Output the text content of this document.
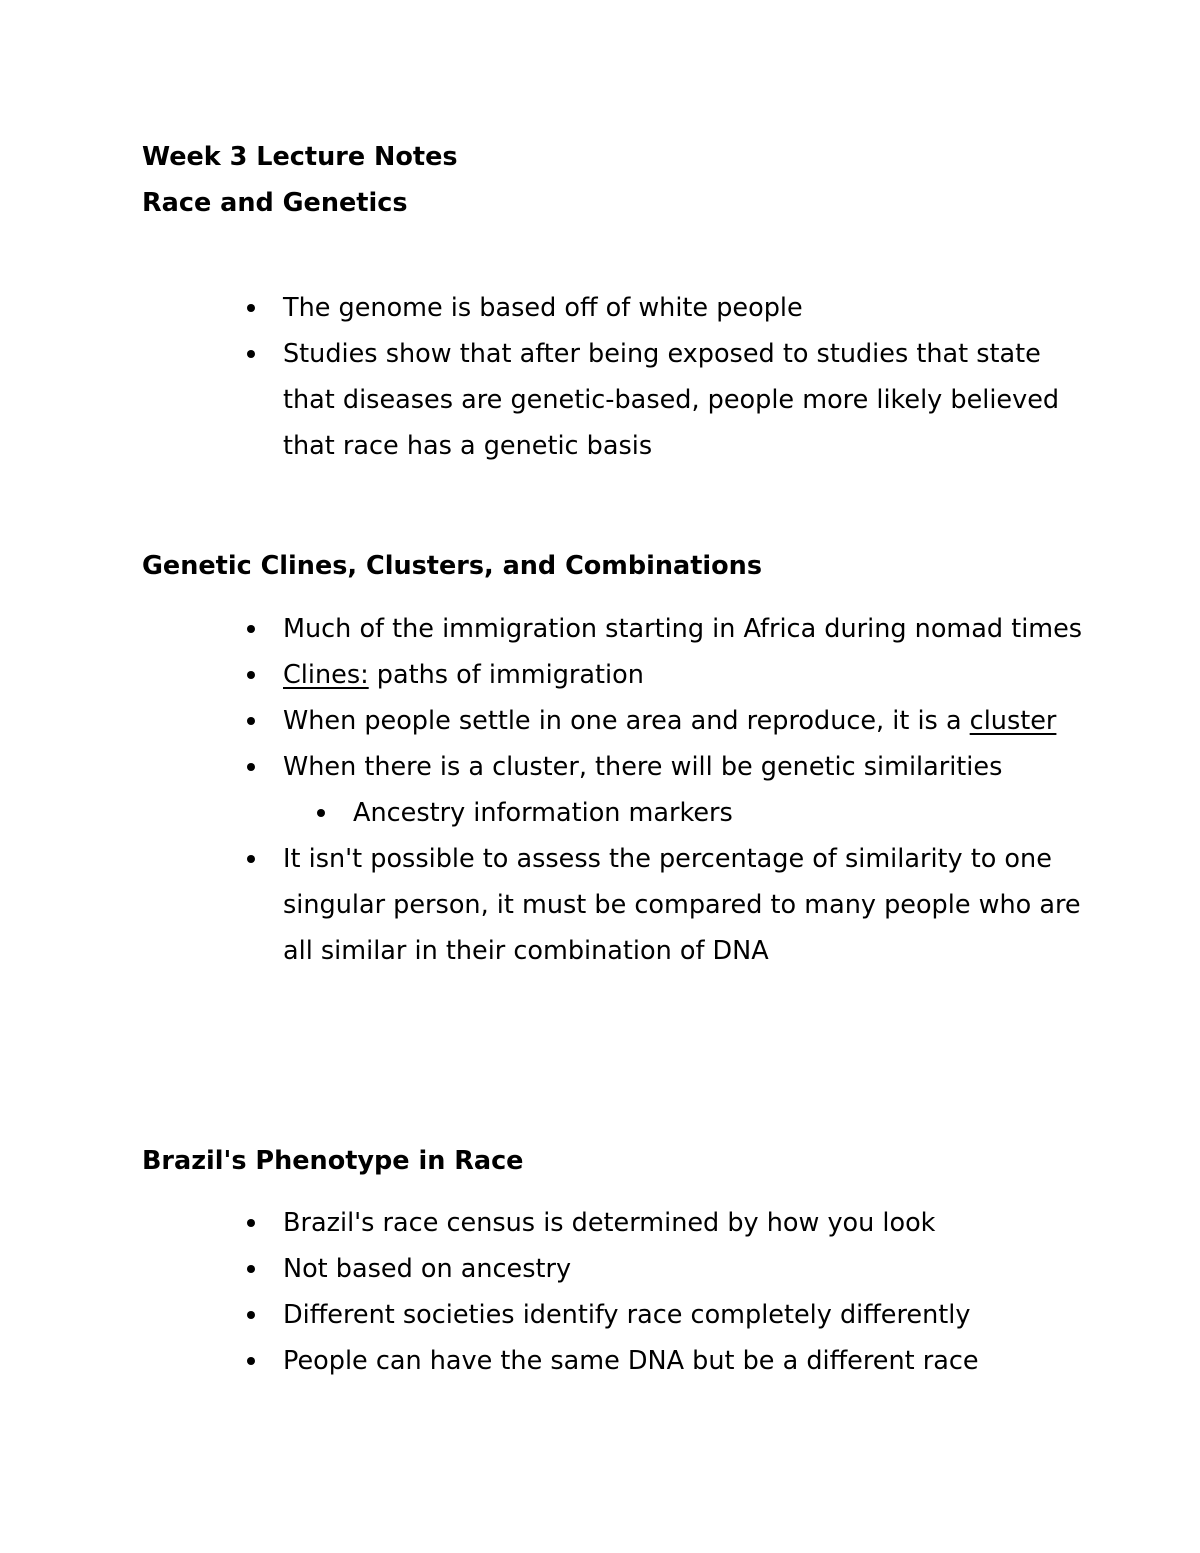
Week 3 Lecture Notes
Race and Genetics
The genome is based off of white people
Studies show that after being exposed to studies that state that diseases are genetic-based, people more likely believed that race has a genetic basis
Genetic Clines, Clusters, and Combinations
Much of the immigration starting in Africa during nomad times
Clines: paths of immigration
When people settle in one area and reproduce, it is a cluster
When there is a cluster, there will be genetic similarities
Ancestry information markers
It isn't possible to assess the percentage of similarity to one singular person, it must be compared to many people who are all similar in their combination of DNA
Brazil's Phenotype in Race
Brazil's race census is determined by how you look
Not based on ancestry
Different societies identify race completely differently
People can have the same DNA but be a different race
